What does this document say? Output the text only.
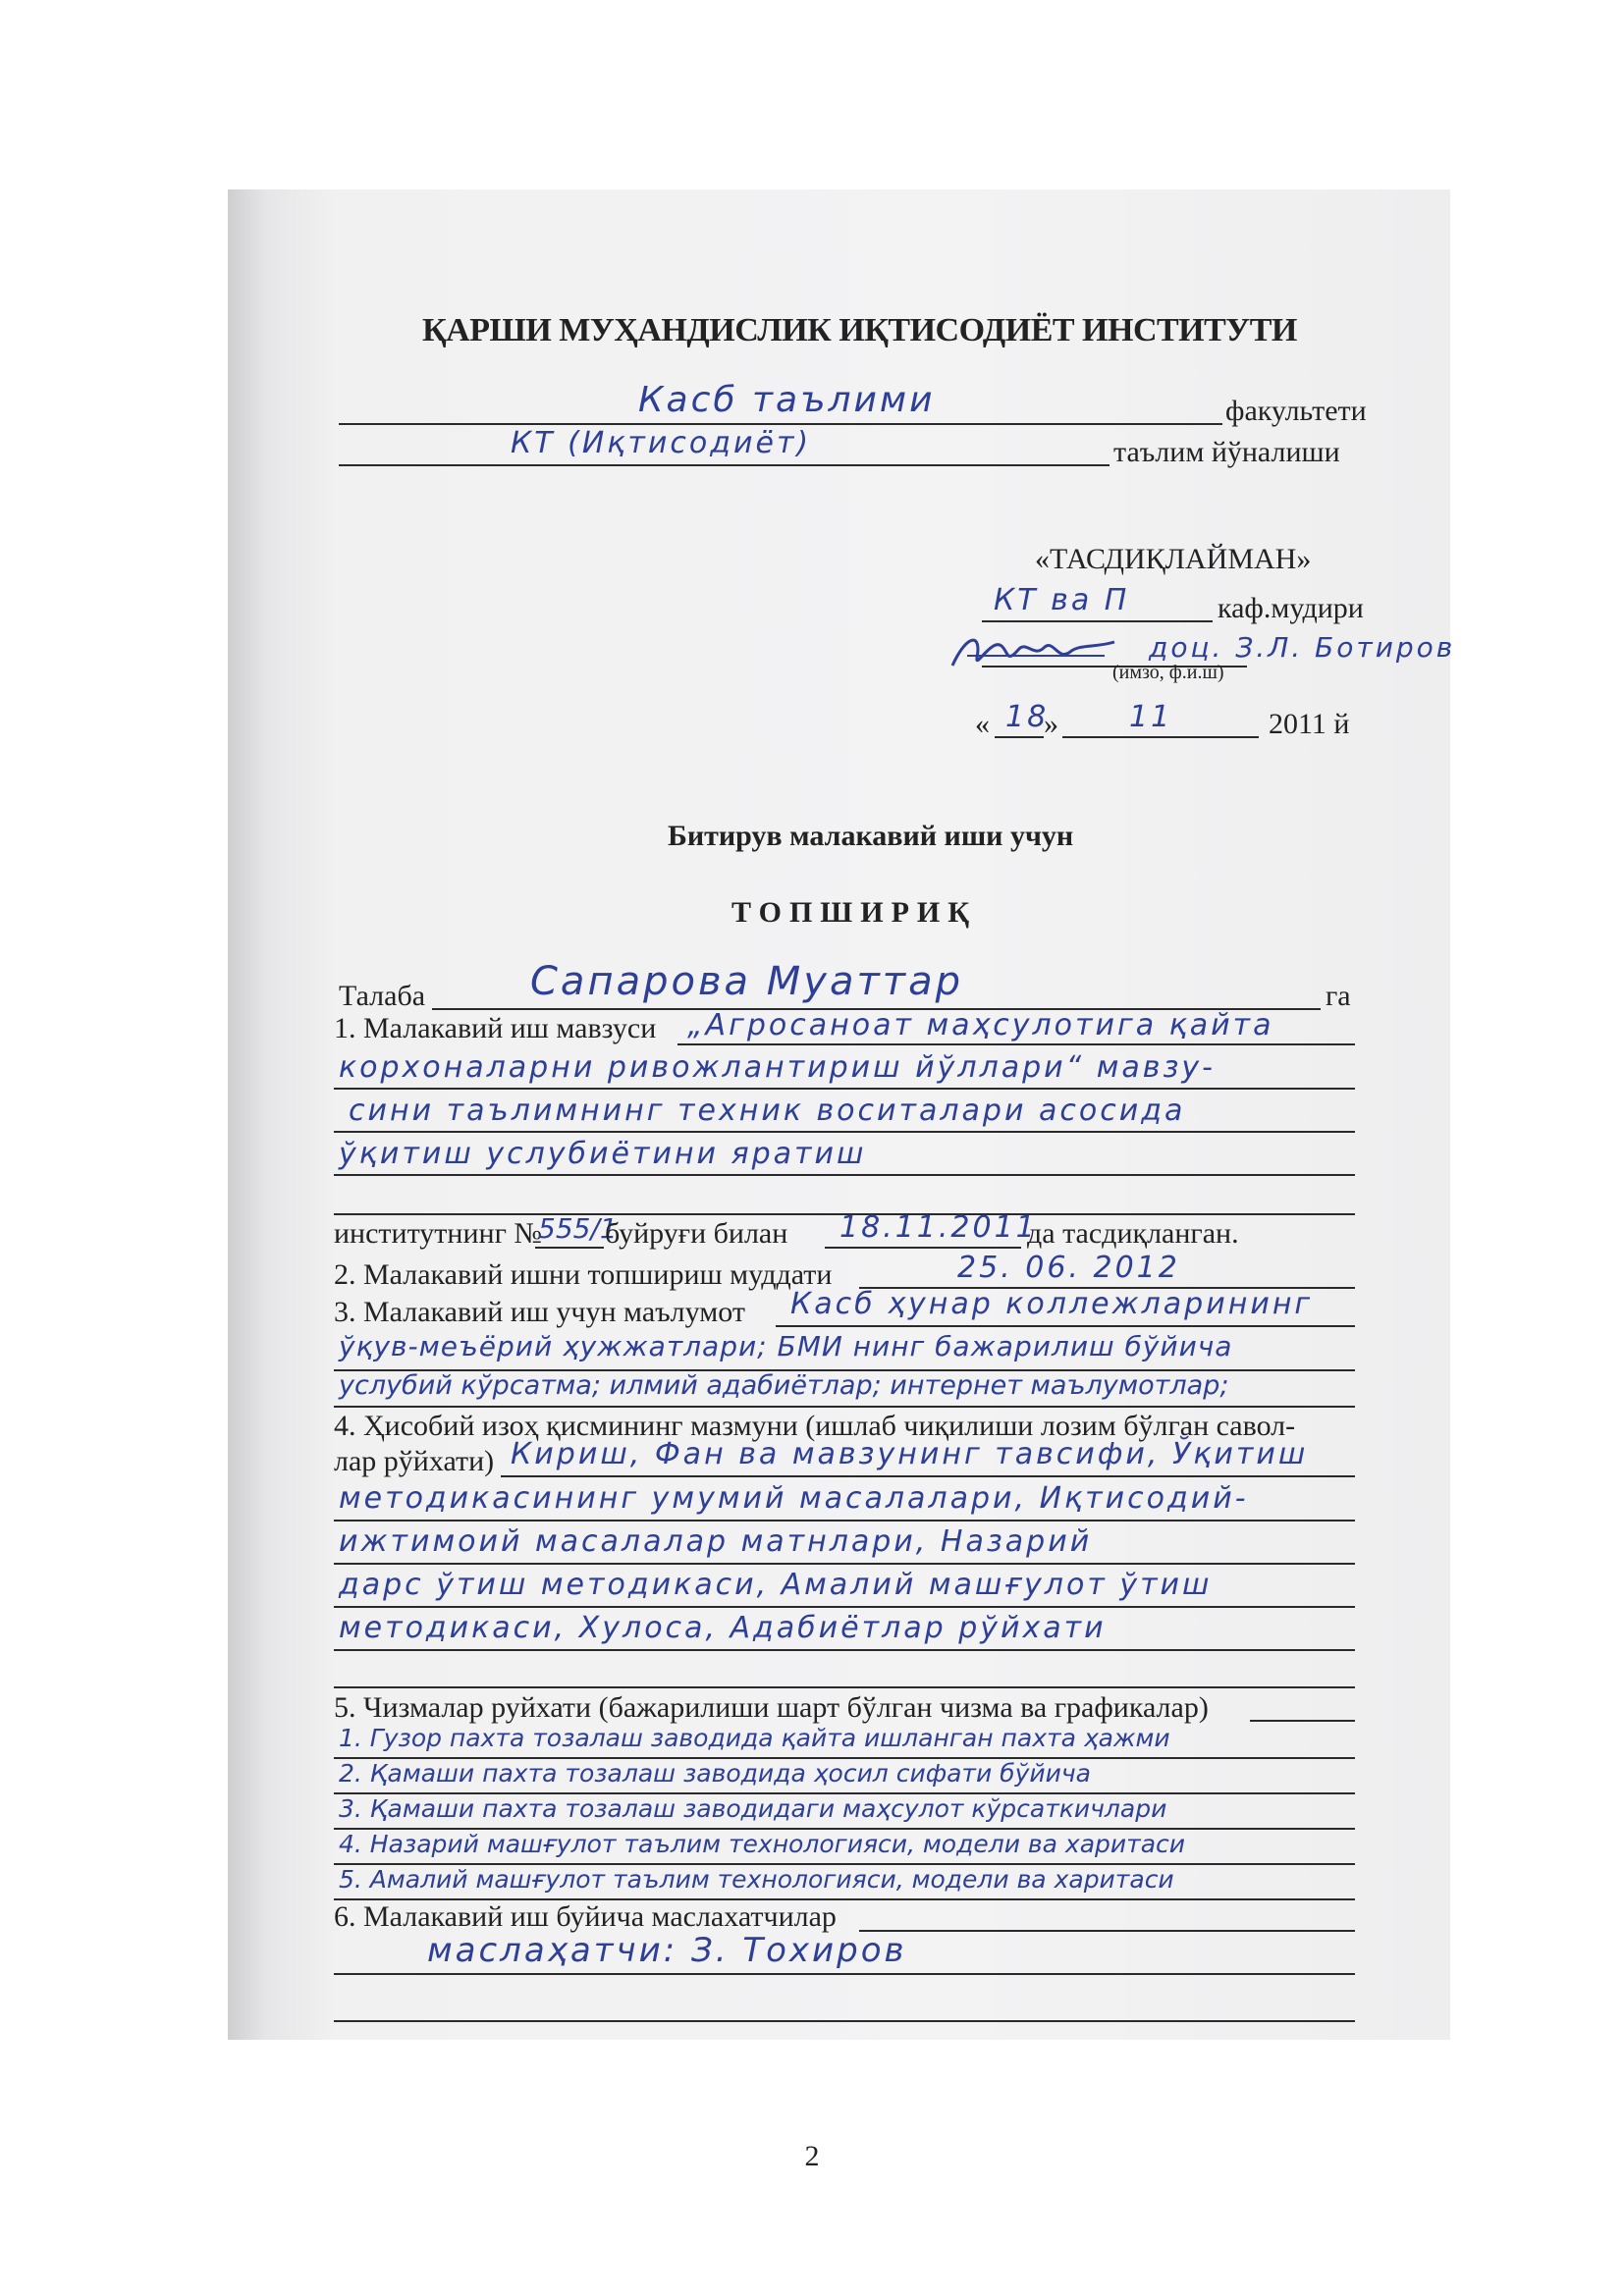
ҚАРШИ МУҲАНДИСЛИК ИҚТИСОДИЁТ ИНСТИТУТИ
Касб таълими	факультети
КТ (Иқтисодиёт)	таълим йўналиши
«ТАСДИҚЛАЙМАН»
КТ ва П	каф.мудири
доц. З.Л. Ботиров
(имзо, ф.и.ш)
« 18
» 11	2011 й
Битирув малакавий иши учун
ТОПШИРИҚ
Талаба	Сапарова Муаттар	га
1. Малакавий иш мавзуси „Агросаноат маҳсулотига қайта
корхоналарни ривожлантириш йўллари“ мавзу-
сини таълимнинг техник воситалари асосида
ўқитиш услубиётини яратиш
институтнинг №
555/1
буйруғи билан 18.11.2011
да тасдиқланган.
2. Малакавий ишни топшириш муддати	25. 06. 2012
3. Малакавий иш учун маълумот Касб ҳунар коллежларининг
ўқув-меъёрий ҳужжатлари; БМИ нинг бажарилиш бўйича
услубий кўрсатма; илмий адабиётлар; интернет маълумотлар;
4. Ҳисобий изоҳ қисмининг мазмуни (ишлаб чиқилиши лозим бўлган савол-
лар рўйхати) Кириш, Фан ва мавзунинг тавсифи, Ўқитиш
методикасининг умумий масалалари, Иқтисодий-
ижтимоий масалалар матнлари, Назарий
дарс ўтиш методикаси, Амалий машғулот ўтиш
методикаси, Хулоса, Адабиётлар рўйхати
5. Чизмалар руйхати (бажарилиши шарт бўлган чизма ва графикалар)
1. Гузор пахта тозалаш заводида қайта ишланган пахта ҳажми
2. Қамаши пахта тозалаш заводида ҳосил сифати бўйича
3. Қамаши пахта тозалаш заводидаги маҳсулот кўрсаткичлари
4. Назарий машғулот таълим технологияси, модели ва харитаси
5. Амалий машғулот таълим технологияси, модели ва харитаси
6. Малакавий иш буйича маслахатчилар
маслаҳатчи: З. Тохиров
2
